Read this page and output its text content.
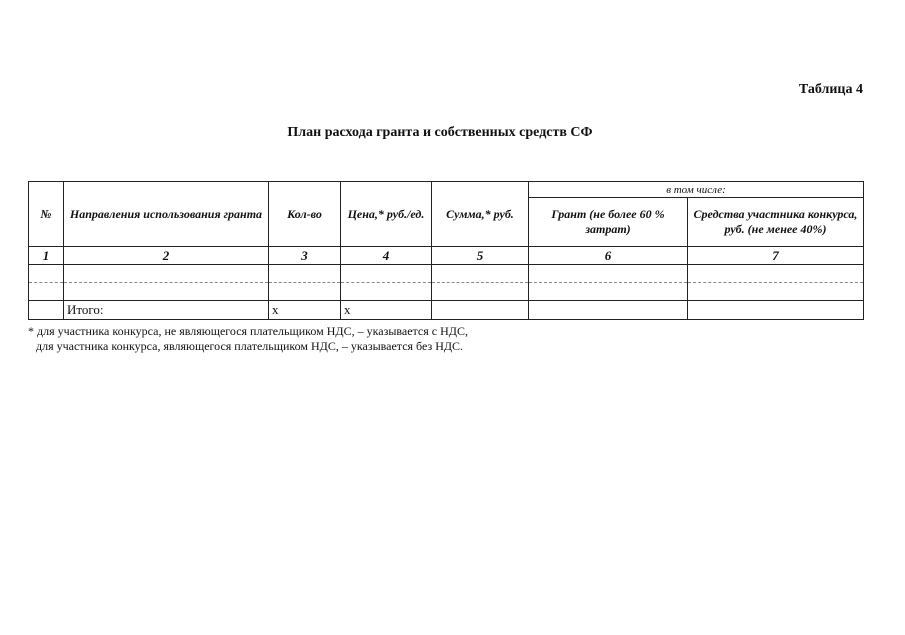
Таблица 4
План расхода гранта и собственных средств СФ
№	Направления использования гранта	Кол-во	Цена,* руб./ед.	Сумма,* руб.	в том числе:	
					Грант (не более 60 % затрат)	Средства участника конкурса, руб. (не менее 40%)
1	2	3	4	5	6	7

	Итого:	x	x			
* для участника конкурса, не являющегося плательщиком НДС, – указывается с НДС,
для участника конкурса, являющегося плательщиком НДС, – указывается без НДС.
